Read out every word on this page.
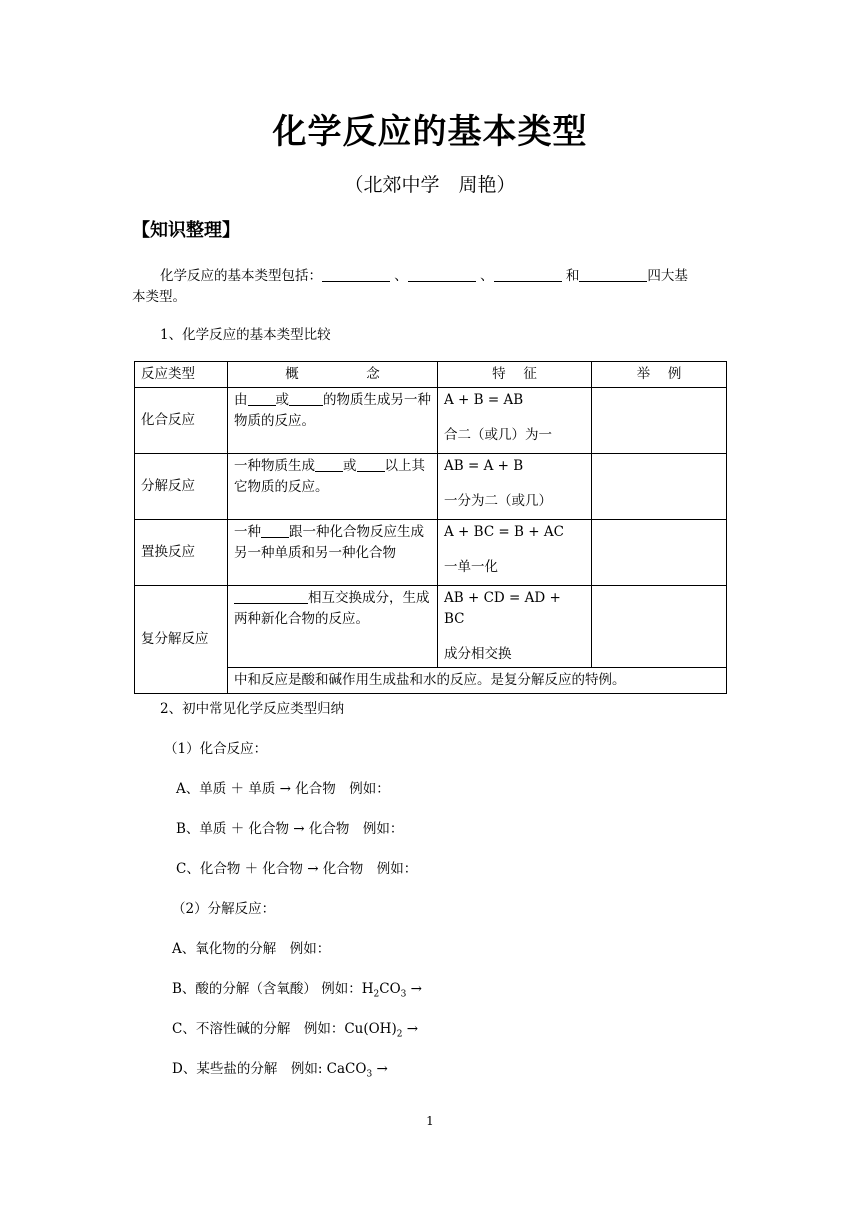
化学反应的基本类型
（北郊中学　周艳）
【知识整理】
化学反应的基本类型包括：	、	、	和	四大基
本类型。
1、化学反应的基本类型比较
反应类型	概　　　　　念	特　 征	举　 例
化合反应	由 或 的物质生成另一种物质的反应。	A + B = AB
合二（或几）为一	

分解反应	一种物质生成 或 以上其它物质的反应。	AB = A + B
一分为二（或几）	

置换反应	一种 跟一种化合物反应生成另一种单质和另一种化合物	A + BC = B + AC
一单一化	

复分解反应	相互交换成分，生成两种新化合物的反应。	AB + CD = AD + BC
成分相交换	

	中和反应是酸和碱作用生成盐和水的反应。是复分解反应的特例。		
2、初中常见化学反应类型归纳
（1）化合反应：
A、单质 ＋ 单质 → 化合物　例如：
B、单质 ＋ 化合物 → 化合物　例如：
C、化合物 ＋ 化合物 → 化合物　例如：
（2）分解反应：
A、氧化物的分解　例如：
B、酸的分解（含氧酸） 例如：$H_2CO_3$ →
C、不溶性碱的分解　例如：$Cu(OH)_2$ →
D、某些盐的分解　例如: CaCO$_3$ →
1
